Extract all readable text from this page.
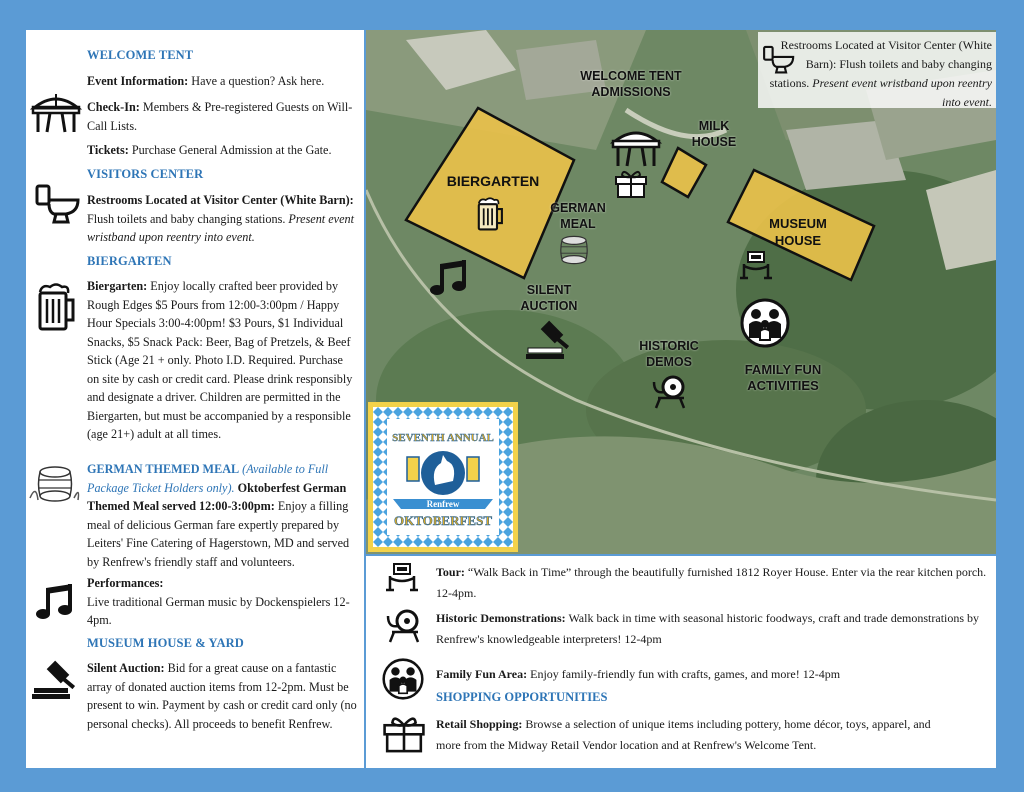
WELCOME TENT
Event Information: Have a question? Ask here.
Check-In: Members & Pre-registered Guests on Will-Call Lists.
Tickets: Purchase General Admission at the Gate.
VISITORS CENTER
Restrooms Located at Visitor Center (White Barn): Flush toilets and baby changing stations. Present event wristband upon reentry into event.
BIERGARTEN
Biergarten: Enjoy locally crafted beer provided by Rough Edges $5 Pours from 12:00-3:00pm / Happy Hour Specials 3:00-4:00pm! $3 Pours, $1 Individual Snacks, $5 Snack Pack: Beer, Bag of Pretzels, & Beef Stick (Age 21 + only. Photo I.D. Required. Purchase on site by cash or credit card. Please drink responsibly and designate a driver. Children are permitted in the Biergarten, but must be accompanied by a responsible (age 21+) adult at all times.
GERMAN THEMED MEAL (Available to Full Package Ticket Holders only). Oktoberfest German Themed Meal served 12:00-3:00pm: Enjoy a filling meal of delicious German fare expertly prepared by Leiters' Fine Catering of Hagerstown, MD and served by Renfrew's friendly staff and volunteers.
Performances:
Live traditional German music by Dockenspielers 12-4pm.
MUSEUM HOUSE & YARD
Silent Auction: Bid for a great cause on a fantastic array of donated auction items from 12-2pm. Must be present to win. Payment by cash or credit card only (no personal checks). All proceeds to benefit Renfrew.
Restrooms Located at Visitor Center (White Barn): Flush toilets and baby changing stations. Present event wristband upon reentry into event.
WELCOME TENT ADMISSIONS
MILK HOUSE
BIERGARTEN
GERMAN MEAL	MUSEUM HOUSE
SILENT AUCTION
HISTORIC DEMOS	FAMILY FUN ACTIVITIES
SEVENTH ANNUAL
Renfrew
OKTOBERFEST
Tour: “Walk Back in Time” through the beautifully furnished 1812 Royer House. Enter via the rear kitchen porch. 12-4pm.
Historic Demonstrations: Walk back in time with seasonal historic foodways, craft and trade demonstrations by Renfrew's knowledgeable interpreters! 12-4pm
Family Fun Area: Enjoy family-friendly fun with crafts, games, and more! 12-4pm
SHOPPING OPPORTUNITIES
Retail Shopping: Browse a selection of unique items including pottery, home décor, toys, apparel, and more from the Midway Retail Vendor location and at Renfrew's Welcome Tent.
